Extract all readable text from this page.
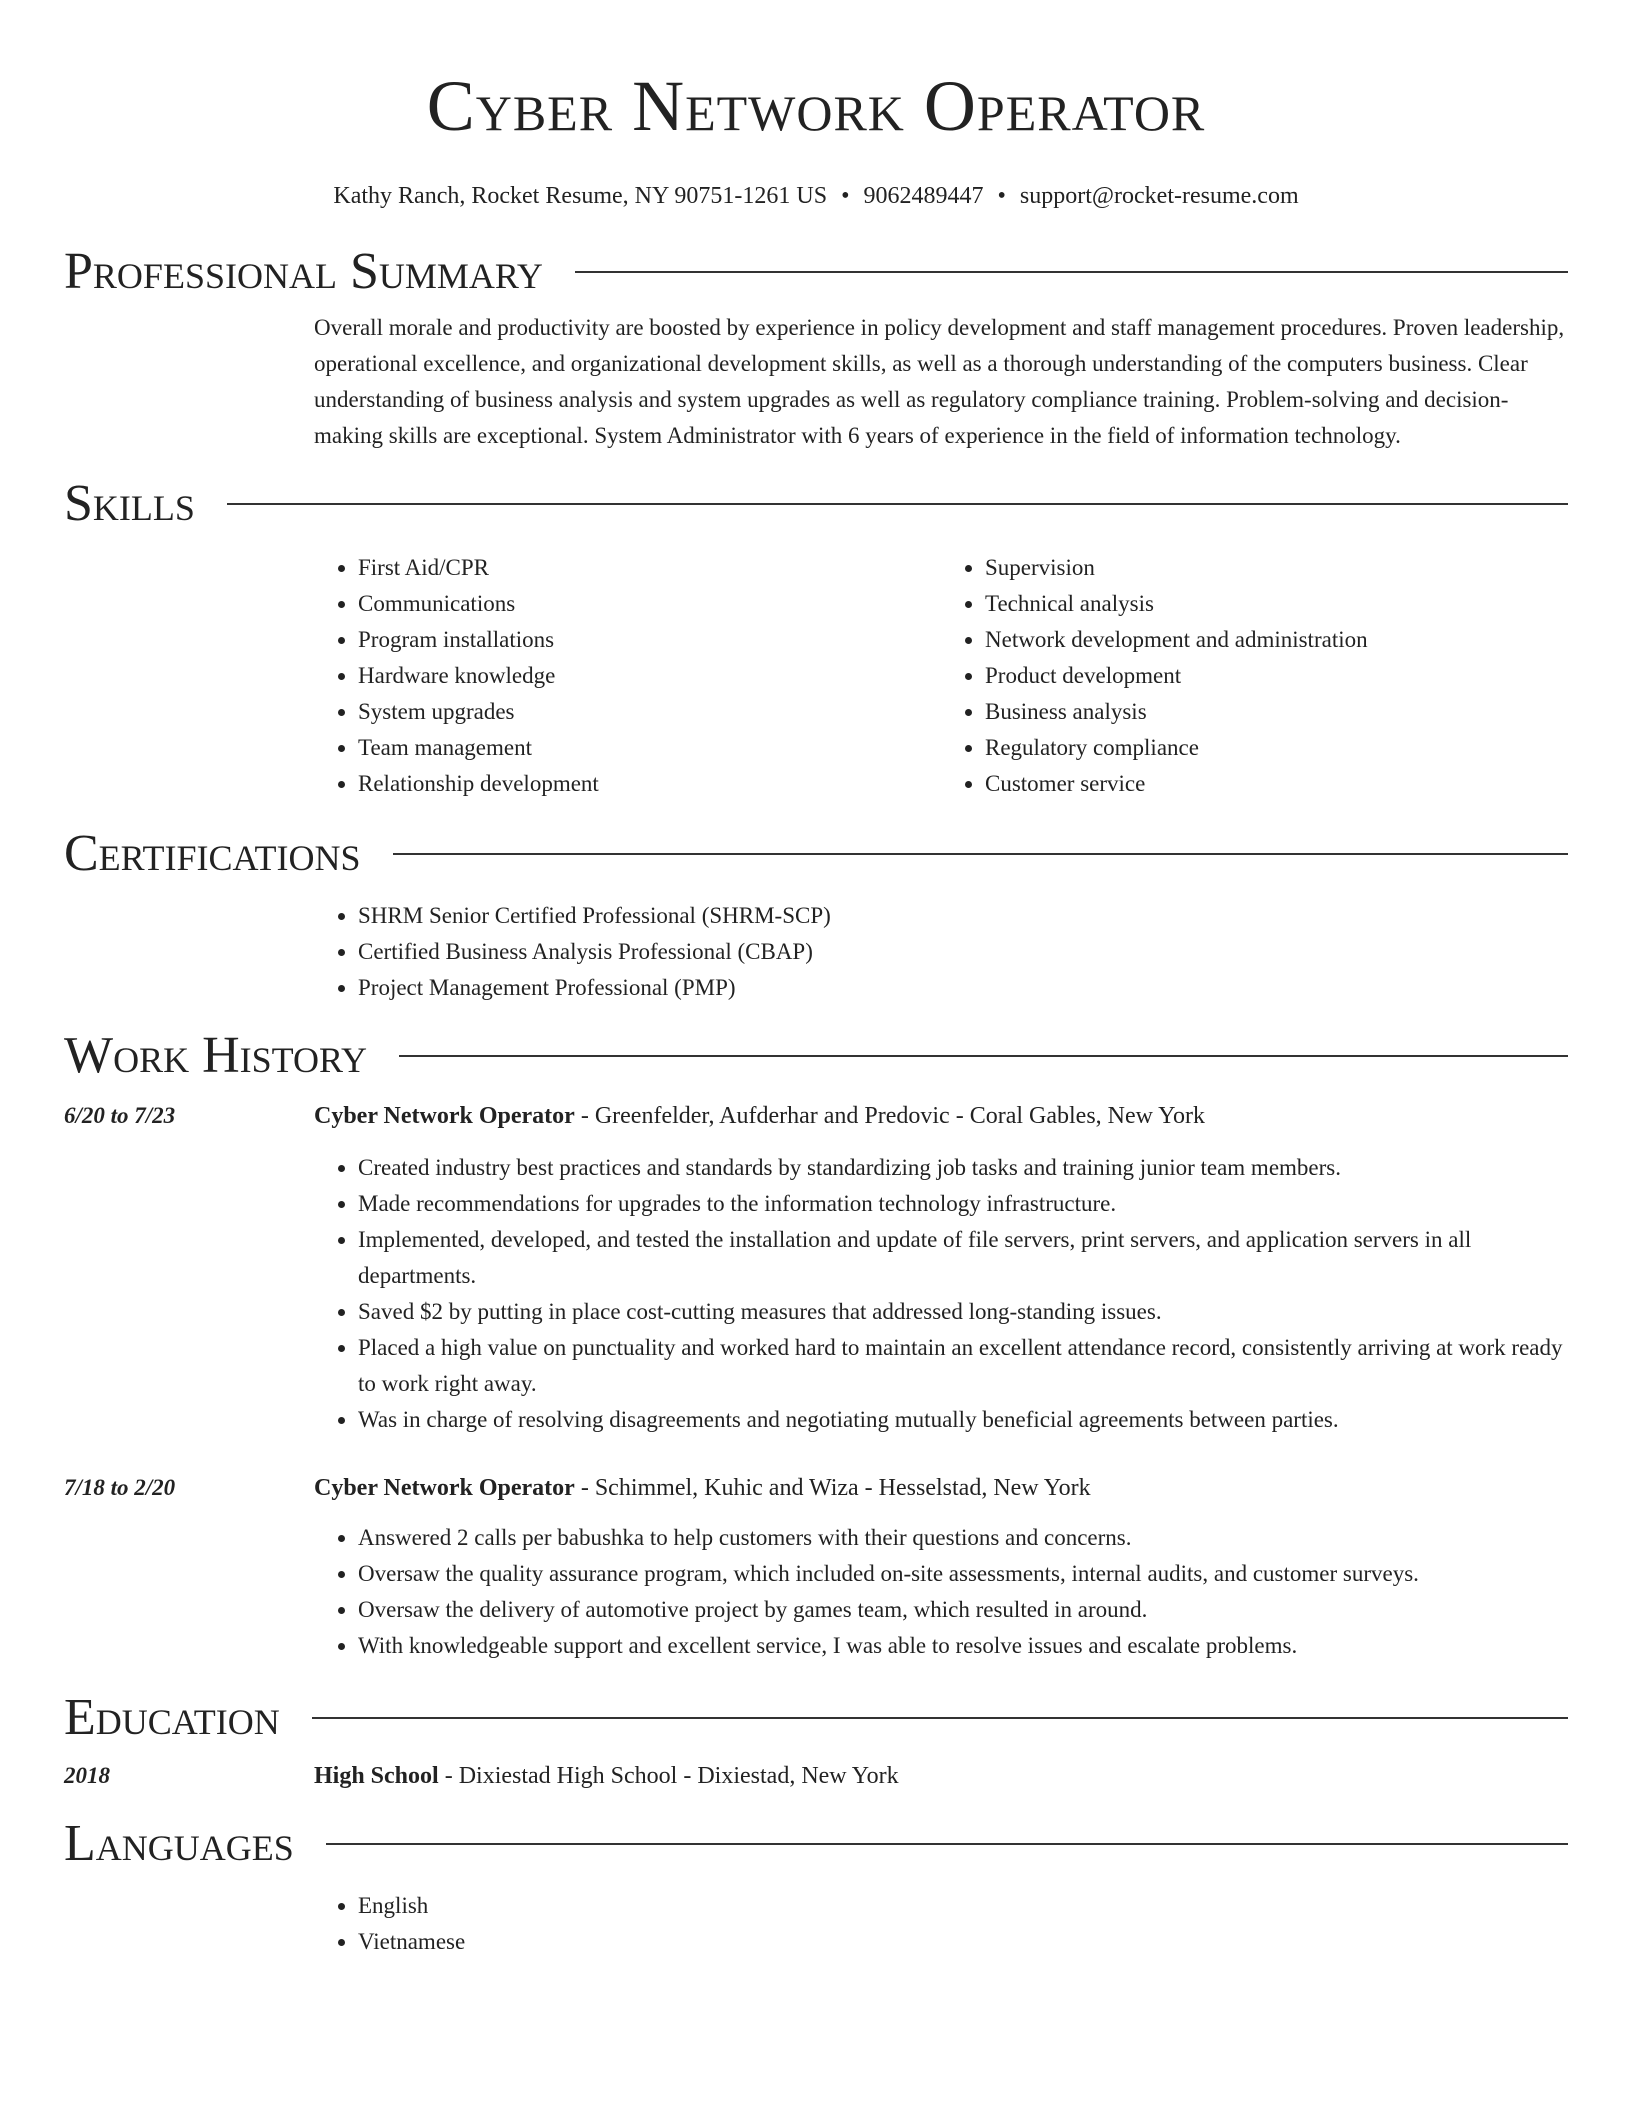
Cyber Network Operator
Kathy Ranch, Rocket Resume, NY 90751-1261 US • 9062489447 • support@rocket-resume.com
Professional Summary

Overall morale and productivity are boosted by experience in policy development and staff management procedures. Proven leadership, operational excellence, and organizational development skills, as well as a thorough understanding of the computers business. Clear understanding of business analysis and system upgrades as well as regulatory compliance training. Problem-solving and decision-making skills are exceptional. System Administrator with 6 years of experience in the field of information technology.

Skills
• First Aid/CPR
• Communications
• Program installations
• Hardware knowledge
• System upgrades
• Team management
• Relationship development
• Supervision
• Technical analysis
• Network development and administration
• Product development
• Business analysis
• Regulatory compliance
• Customer service
Certifications
• SHRM Senior Certified Professional (SHRM-SCP)
• Certified Business Analysis Professional (CBAP)
• Project Management Professional (PMP)
Work History
6/20 to 7/23	Cyber Network Operator - Greenfelder, Aufderhar and Predovic - Coral Gables, New York
• Created industry best practices and standards by standardizing job tasks and training junior team members.
• Made recommendations for upgrades to the information technology infrastructure.
• Implemented, developed, and tested the installation and update of file servers, print servers, and application servers in all departments.
• Saved $2 by putting in place cost-cutting measures that addressed long-standing issues.
• Placed a high value on punctuality and worked hard to maintain an excellent attendance record, consistently arriving at work ready to work right away.
• Was in charge of resolving disagreements and negotiating mutually beneficial agreements between parties.
7/18 to 2/20	Cyber Network Operator - Schimmel, Kuhic and Wiza - Hesselstad, New York
• Answered 2 calls per babushka to help customers with their questions and concerns.
• Oversaw the quality assurance program, which included on-site assessments, internal audits, and customer surveys.
• Oversaw the delivery of automotive project by games team, which resulted in around.
• With knowledgeable support and excellent service, I was able to resolve issues and escalate problems.
Education
2018	High School - Dixiestad High School - Dixiestad, New York
Languages
• English
• Vietnamese
